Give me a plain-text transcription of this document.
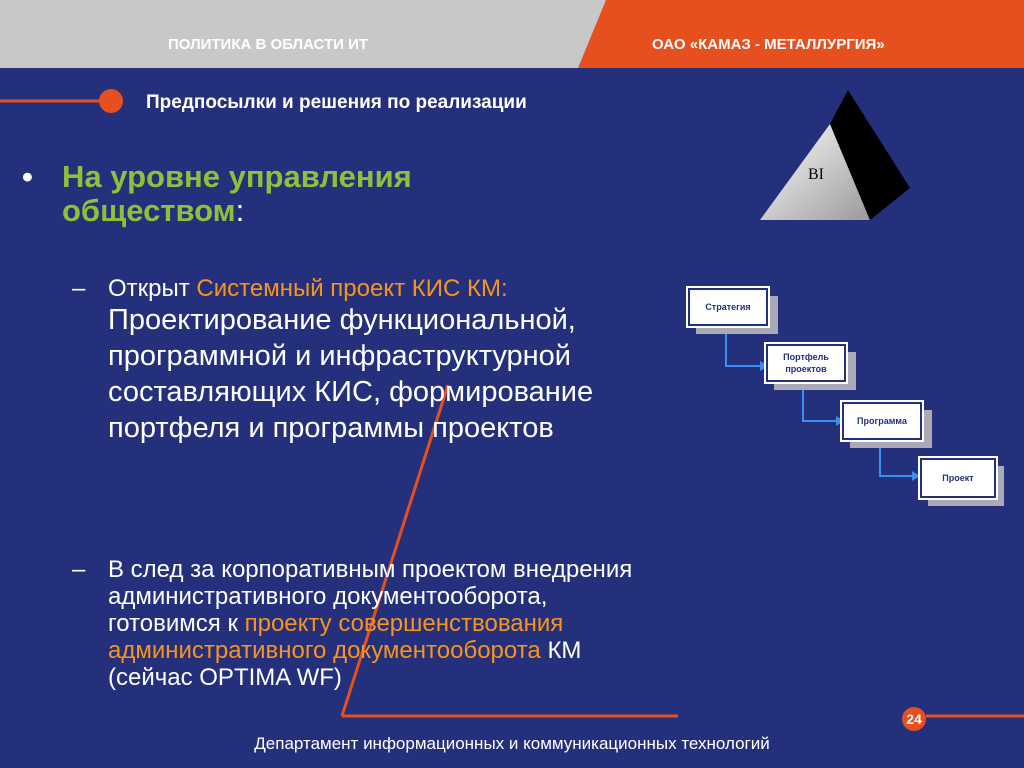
ПОЛИТИКА В ОБЛАСТИ ИТ	ОАО «КАМАЗ - МЕТАЛЛУРГИЯ»
Предпосылки и решения по реализации
BI
• На уровне управления обществом:
– Открыт Системный проект КИС КМ:
Проектирование функциональной, программной и инфраструктурной составляющих КИС, формирование портфеля и программы проектов
– В след за корпоративным проектом внедрения административного документооборота, готовимся к проекту совершенствования административного документооборота КМ (сейчас OPTIMA WF)
Стратегия
Портфель проектов
Программа
Проект
24
Департамент информационных и коммуникационных технологий
